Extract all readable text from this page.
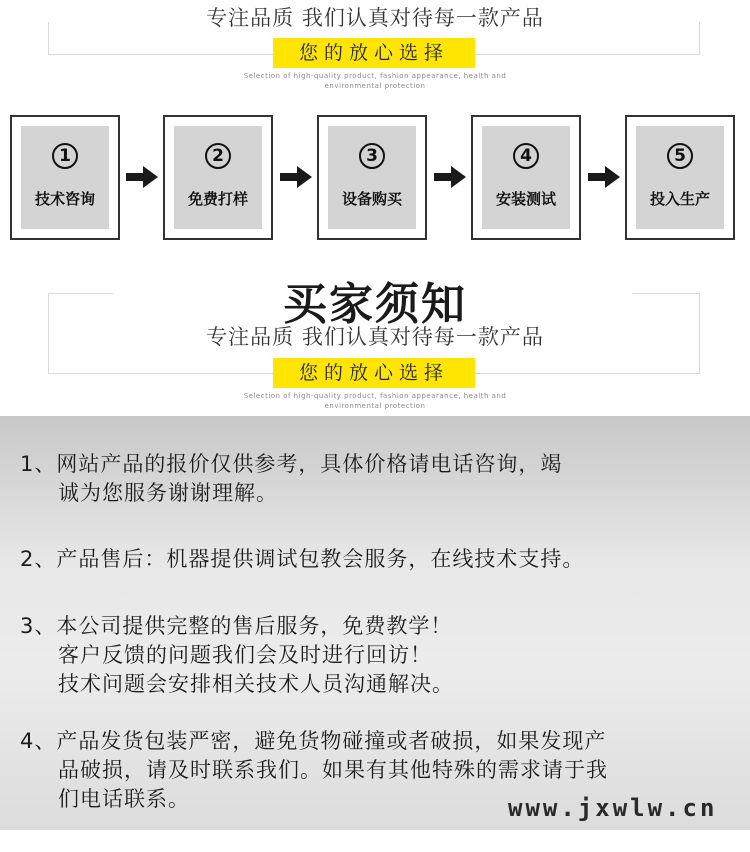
专注品质 我们认真对待每一款产品
您的放心选择
Selection of high-quality product, fashion appearance, health and
environmental protection
1
技术咨询
2
免费打样
3
设备购买
4
安装测试
5
投入生产
买家须知
专注品质 我们认真对待每一款产品
您的放心选择
Selection of high-quality product, fashion appearance, health and
environmental protection
1、网站产品的报价仅供参考，具体价格请电话咨询，竭
诚为您服务谢谢理解。
2、产品售后：机器提供调试包教会服务，在线技术支持。
3、本公司提供完整的售后服务，免费教学！
客户反馈的问题我们会及时进行回访！
技术问题会安排相关技术人员沟通解决。
4、产品发货包装严密，避免货物碰撞或者破损，如果发现产
品破损，请及时联系我们。如果有其他特殊的需求请于我
们电话联系。	www.jxwlw.cn
